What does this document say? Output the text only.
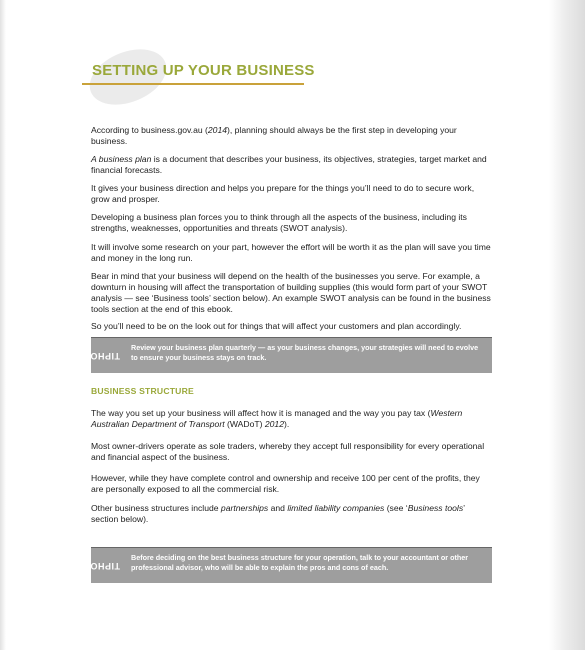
SETTING UP YOUR BUSINESS

According to business.gov.au (2014), planning should always be the first step in developing your business.

A business plan is a document that describes your business, its objectives, strategies, target market and financial forecasts.

It gives your business direction and helps you prepare for the things you’ll need to do to secure work, grow and prosper.

Developing a business plan forces you to think through all the aspects of the business, including its strengths, weaknesses, opportunities and threats (SWOT analysis).

It will involve some research on your part, however the effort will be worth it as the plan will save you time and money in the long run.

Bear in mind that your business will depend on the health of the businesses you serve. For example, a downturn in housing will affect the transportation of building supplies (this would form part of your SWOT analysis — see ‘Business tools’ section below). An example SWOT analysis can be found in the business tools section at the end of this ebook.

So you’ll need to be on the look out for things that will affect your customers and plan accordingly.

HOT TIP
Review your business plan quarterly — as your business changes, your strategies will need to evolve to ensure your business stays on track.
BUSINESS STRUCTURE

The way you set up your business will affect how it is managed and the way you pay tax (Western Australian Department of Transport (WADoT) 2012).

Most owner-drivers operate as sole traders, whereby they accept full responsibility for every operational and financial aspect of the business.

However, while they have complete control and ownership and receive 100 per cent of the profits, they are personally exposed to all the commercial risk.

Other business structures include partnerships and limited liability companies (see ‘Business tools’ section below).

HOT TIP
Before deciding on the best business structure for your operation, talk to your accountant or other professional advisor, who will be able to explain the pros and cons of each.
